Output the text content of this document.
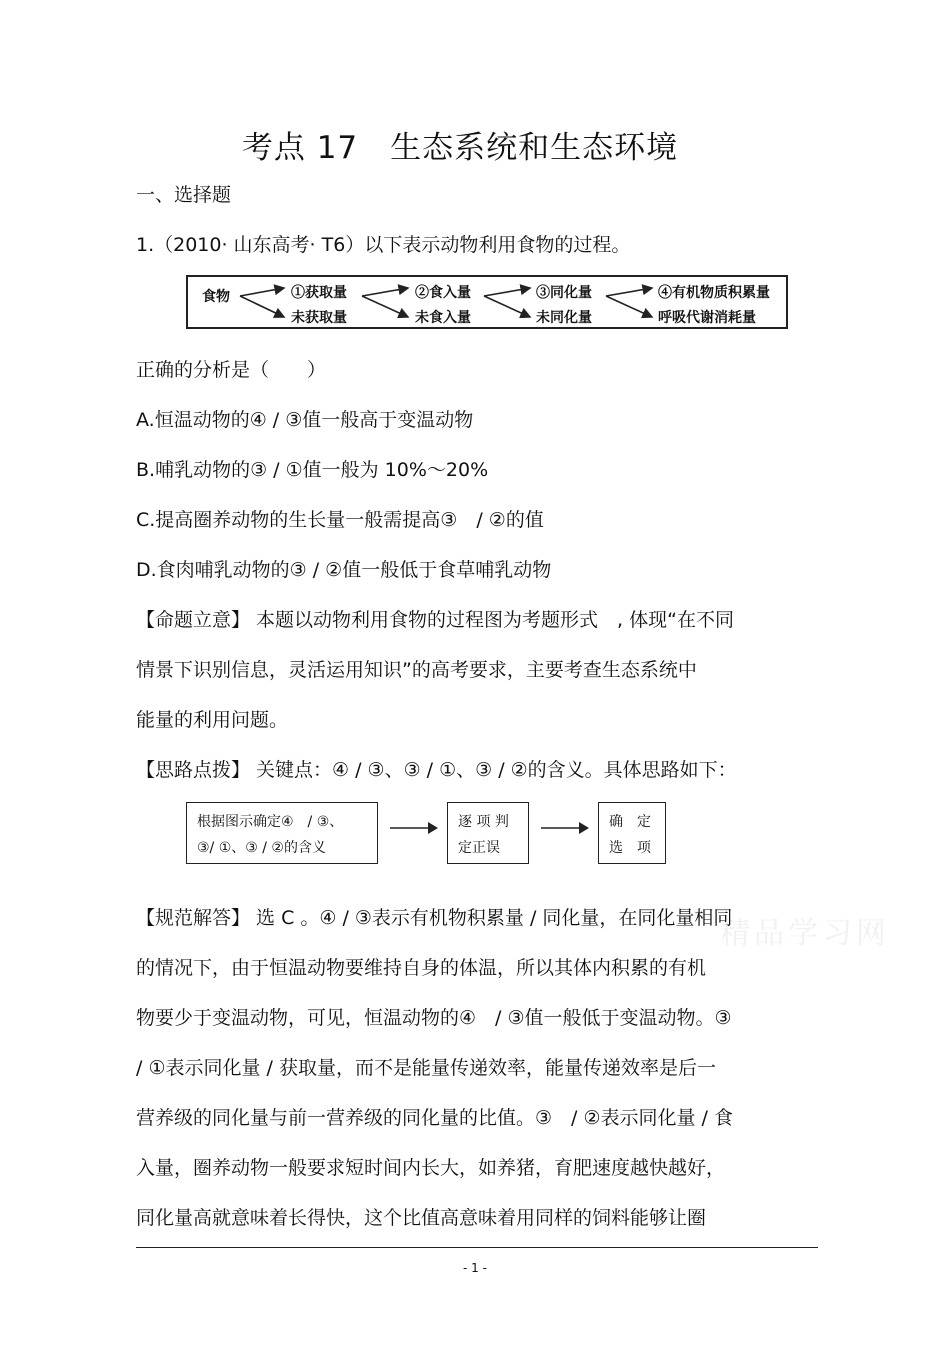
考点 17　生态系统和生态环境
一、选择题
1.（2010· 山东高考· T6）以下表示动物利用食物的过程。
食物	①获取量
未获取量
②食入量
未食入量
③同化量
未同化量
④有机物质积累量
呼吸代谢消耗量
正确的分析是（　　）
A.恒温动物的④ / ③值一般高于变温动物
B.哺乳动物的③ / ①值一般为 10%～20%
C.提高圈养动物的生长量一般需提高③　/ ②的值
D.食肉哺乳动物的③ / ②值一般低于食草哺乳动物
【命题立意】 本题以动物利用食物的过程图为考题形式　, 体现“在不同
情景下识别信息，灵活运用知识”的高考要求，主要考查生态系统中
能量的利用问题。
【思路点拨】 关键点：④ / ③、③ / ①、③ / ②的含义。具体思路如下：
根据图示确定④　/ ③、
③/ ①、③ / ②的含义
逐 项 判
定正误
确　定
选　项
精品学习网
【规范解答】 选 C 。④ / ③表示有机物积累量 / 同化量，在同化量相同
的情况下，由于恒温动物要维持自身的体温，所以其体内积累的有机
物要少于变温动物，可见，恒温动物的④　/ ③值一般低于变温动物。③
/ ①表示同化量 / 获取量，而不是能量传递效率，能量传递效率是后一
营养级的同化量与前一营养级的同化量的比值。③　/ ②表示同化量 / 食
入量，圈养动物一般要求短时间内长大，如养猪，育肥速度越快越好，
同化量高就意味着长得快，这个比值高意味着用同样的饲料能够让圈
- 1 -
